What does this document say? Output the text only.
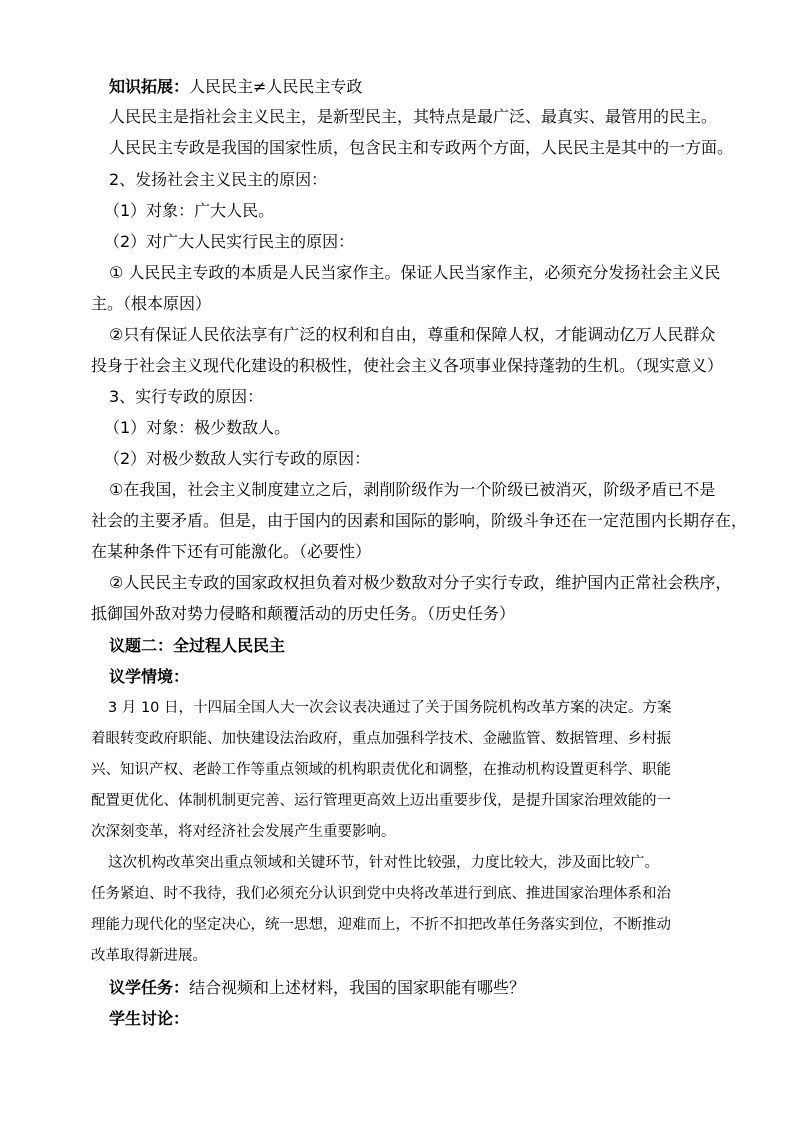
知识拓展：人民民主≠人民民主专政
人民民主是指社会主义民主，是新型民主，其特点是最广泛、最真实、最管用的民主。
人民民主专政是我国的国家性质，包含民主和专政两个方面，人民民主是其中的一方面。
2、发扬社会主义民主的原因：
（1）对象：广大人民。
（2）对广大人民实行民主的原因：
① 人民民主专政的本质是人民当家作主。保证人民当家作主，必须充分发扬社会主义民
主。（根本原因）
②只有保证人民依法享有广泛的权利和自由，尊重和保障人权，才能调动亿万人民群众
投身于社会主义现代化建设的积极性，使社会主义各项事业保持蓬勃的生机。（现实意义）
3、实行专政的原因：
（1）对象：极少数敌人。
（2）对极少数敌人实行专政的原因：
①在我国，社会主义制度建立之后，剥削阶级作为一个阶级已被消灭，阶级矛盾已不是
社会的主要矛盾。但是，由于国内的因素和国际的影响，阶级斗争还在一定范围内长期存在，
在某种条件下还有可能激化。（必要性）
②人民民主专政的国家政权担负着对极少数敌对分子实行专政，维护国内正常社会秩序，
抵御国外敌对势力侵略和颠覆活动的历史任务。（历史任务）
议题二：全过程人民民主
议学情境：
3 月 10 日，十四届全国人大一次会议表决通过了关于国务院机构改革方案的决定。方案
着眼转变政府职能、加快建设法治政府，重点加强科学技术、金融监管、数据管理、乡村振
兴、知识产权、老龄工作等重点领域的机构职责优化和调整，在推动机构设置更科学、职能
配置更优化、体制机制更完善、运行管理更高效上迈出重要步伐，是提升国家治理效能的一
次深刻变革，将对经济社会发展产生重要影响。
这次机构改革突出重点领域和关键环节，针对性比较强，力度比较大，涉及面比较广。
任务紧迫、时不我待，我们必须充分认识到党中央将改革进行到底、推进国家治理体系和治
理能力现代化的坚定决心，统一思想，迎难而上，不折不扣把改革任务落实到位，不断推动
改革取得新进展。
议学任务：结合视频和上述材料，我国的国家职能有哪些？
学生讨论：
